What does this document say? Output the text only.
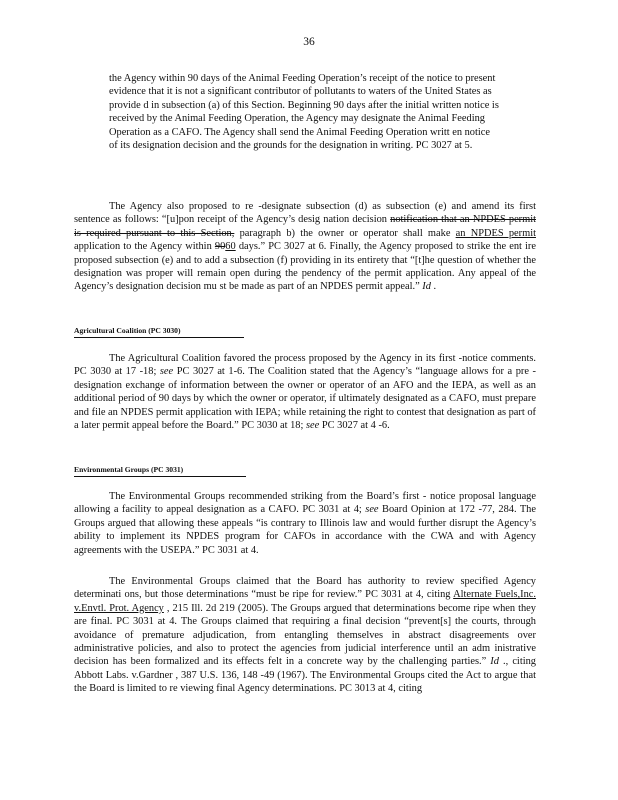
36

the Agency within 90 days of the Animal Feeding Operation’s receipt of the notice to present evidence that it is not a significant contributor of pollutants to waters of the United States as provide d in subsection (a) of this Section. Beginning 90 days after the initial written notice is received by the Animal Feeding Operation, the Agency may designate the Animal Feeding Operation as a CAFO. The Agency shall send the Animal Feeding Operation writt en notice of its designation decision and the grounds for the designation in writing. PC 3027 at 5.

The Agency also proposed to re -designate subsection (d) as subsection (e) and amend its first sentence as follows: “[u]pon receipt of the Agency’s desig nation decision notification that an NPDES permit is required pursuant to this Section, paragraph b) the owner or operator shall make an NPDES permit application to the Agency within 9060 days.” PC 3027 at 6. Finally, the Agency proposed to strike the ent ire proposed subsection (e) and to add a subsection (f) providing in its entirety that “[t]he question of whether the designation was proper will remain open during the pendency of the permit application. Any appeal of the Agency’s designation decision mu st be made as part of an NPDES permit appeal.” Id .

Agricultural Coalition (PC 3030)

The Agricultural Coalition favored the process proposed by the Agency in its first -notice comments. PC 3030 at 17 -18; see PC 3027 at 1-6. The Coalition stated that the Agency’s “language allows for a pre -designation exchange of information between the owner or operator of an AFO and the IEPA, as well as an additional period of 90 days by which the owner or operator, if ultimately designated as a CAFO, must prepare and file an NPDES permit application with IEPA; while retaining the right to contest that designation as part of a later permit appeal before the Board.” PC 3030 at 18; see PC 3027 at 4 -6.

Environmental Groups (PC 3031)

The Environmental Groups recommended striking from the Board’s first - notice proposal language allowing a facility to appeal designation as a CAFO. PC 3031 at 4; see Board Opinion at 172 -77, 284. The Groups argued that allowing these appeals “is contrary to Illinois law and would further disrupt the Agency’s ability to implement its NPDES program for CAFOs in accordance with the CWA and with Agency agreements with the USEPA.” PC 3031 at 4.

The Environmental Groups claimed that the Board has authority to review specified Agency determinati ons, but those determinations “must be ripe for review.” PC 3031 at 4, citing Alternate Fuels,Inc. v.Envtl. Prot. Agency , 215 Ill. 2d 219 (2005). The Groups argued that determinations become ripe when they are final. PC 3031 at 4. The Groups claimed that requiring a final decision “prevent[s] the courts, through avoidance of premature adjudication, from entangling themselves in abstract disagreements over administrative policies, and also to protect the agencies from judicial interference until an adm inistrative decision has been formalized and its effects felt in a concrete way by the challenging parties.” Id ., citing Abbott Labs. v.Gardner , 387 U.S. 136, 148 -49 (1967). The Environmental Groups cited the Act to argue that the Board is limited to re viewing final Agency determinations. PC 3013 at 4, citing
